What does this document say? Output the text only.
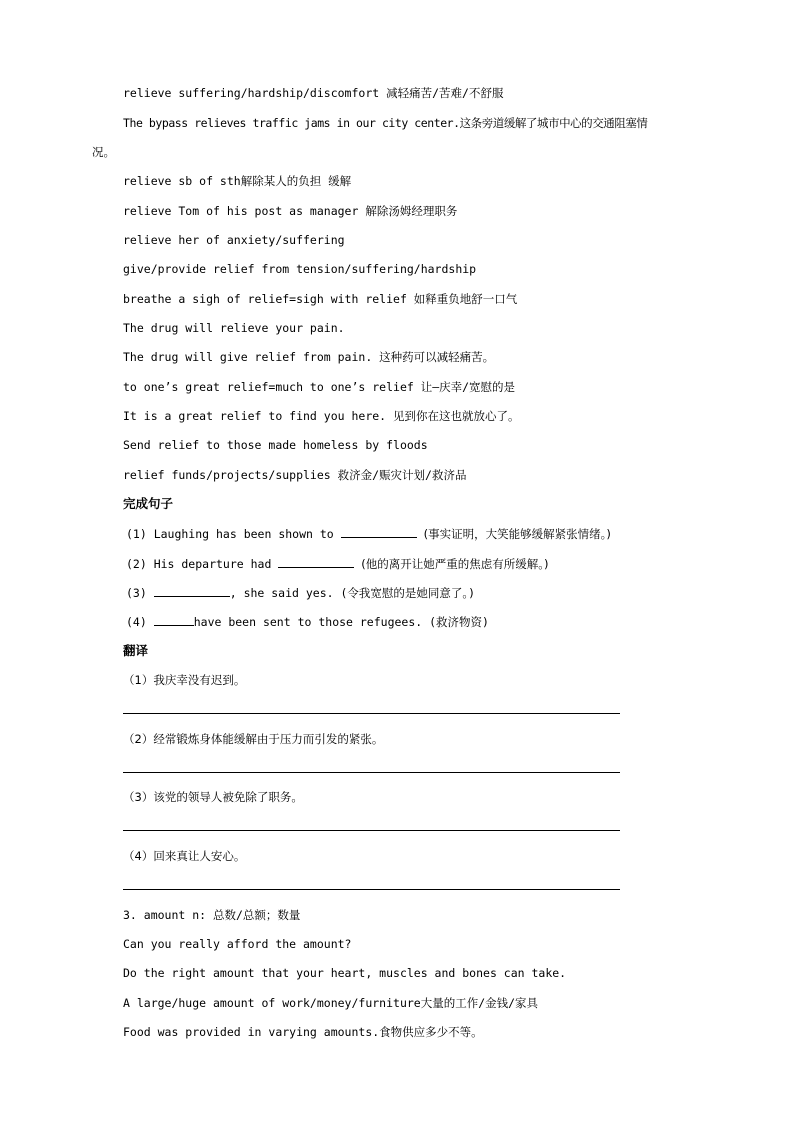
relieve suffering/hardship/discomfort 减轻痛苦/苦难/不舒服
The bypass relieves traffic jams in our city center.这条旁道缓解了城市中心的交通阻塞情
况。
relieve sb of sth解除某人的负担 缓解
relieve Tom of his post as manager 解除汤姆经理职务
relieve her of anxiety/suffering
give/provide relief from tension/suffering/hardship
breathe a sigh of relief=sigh with relief 如释重负地舒一口气
The drug will relieve your pain.
The drug will give relief from pain. 这种药可以减轻痛苦。
to one’s great relief=much to one’s relief 让―庆幸/宽慰的是
It is a great relief to find you here. 见到你在这也就放心了。
Send relief to those made homeless by floods
relief funds/projects/supplies 救济金/赈灾计划/救济品
完成句子
(1) Laughing has been shown to	(事实证明，大笑能够缓解紧张情绪。)
(2) His departure had	(他的离开让她严重的焦虑有所缓解。)
(3)	, she said yes. (令我宽慰的是她同意了。)
(4)	have been sent to those refugees. (救济物资)
翻译
（1）我庆幸没有迟到。
（2）经常锻炼身体能缓解由于压力而引发的紧张。
（3）该党的领导人被免除了职务。
（4）回来真让人安心。
3. amount n: 总数/总额；数量
Can you really afford the amount?
Do the right amount that your heart, muscles and bones can take.
A large/huge amount of work/money/furniture大量的工作/金钱/家具
Food was provided in varying amounts.食物供应多少不等。
